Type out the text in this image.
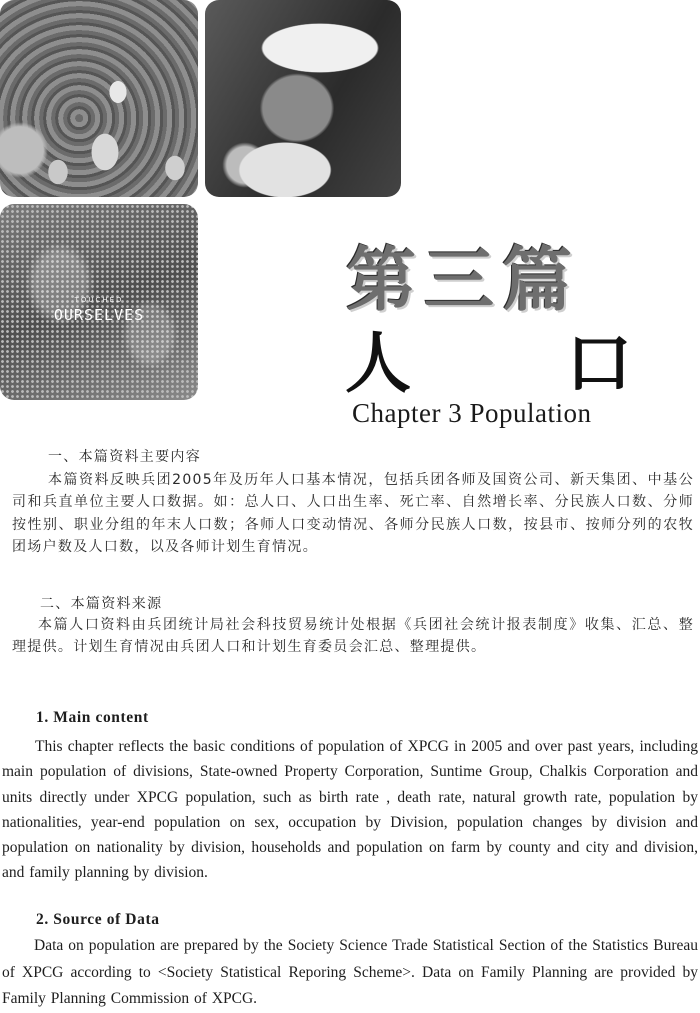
TOUCHED
OURSELVES	第三篇
人 口
Chapter 3 Population
一、本篇资料主要内容
本篇资料反映兵团2005年及历年人口基本情况，包括兵团各师及国资公司、新天集团、中基公司和兵直单位主要人口数据。如：总人口、人口出生率、死亡率、自然增长率、分民族人口数、分师按性别、职业分组的年末人口数；各师人口变动情况、各师分民族人口数，按县市、按师分列的农牧团场户数及人口数，以及各师计划生育情况。
二、本篇资料来源
本篇人口资料由兵团统计局社会科技贸易统计处根据《兵团社会统计报表制度》收集、汇总、整理提供。计划生育情况由兵团人口和计划生育委员会汇总、整理提供。
1. Main content
This chapter reflects the basic conditions of population of XPCG in 2005 and over past years, including main population of divisions, State-owned Property Corporation, Suntime Group, Chalkis Corporation and units directly under XPCG population, such as birth rate , death rate, natural growth rate, population by nationalities, year-end population on sex, occupation by Division, population changes by division and population on nationality by division, households and population on farm by county and city and division, and family planning by division.
2. Source of Data
Data on population are prepared by the Society Science Trade Statistical Section of the Statistics Bureau of XPCG according to <Society Statistical Reporing Scheme>. Data on Family Planning are provided by Family Planning Commission of XPCG.
